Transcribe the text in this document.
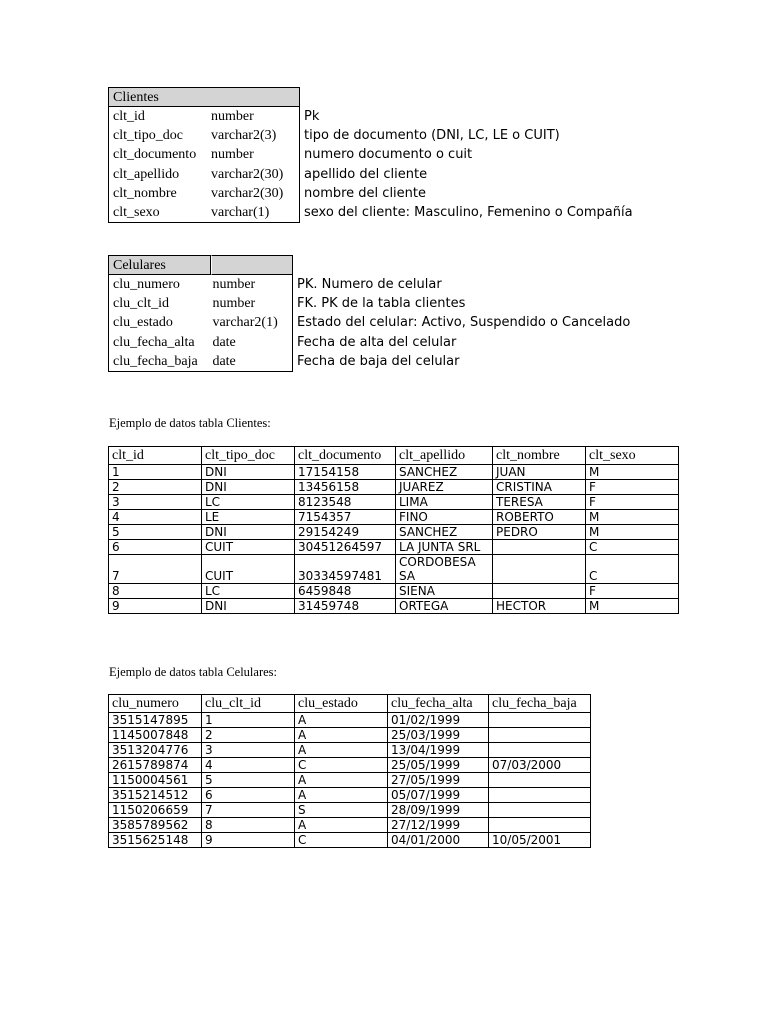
Clientes
clt_id	number	Pk
clt_tipo_doc	varchar2(3)	tipo de documento (DNI, LC, LE o CUIT)
clt_documento	number	numero documento o cuit
clt_apellido	varchar2(30)	apellido del cliente
clt_nombre	varchar2(30)	nombre del cliente
clt_sexo	varchar(1)	sexo del cliente: Masculino, Femenino o Compañía
Celulares
clu_numero	number	PK. Numero de celular
clu_clt_id	number	FK. PK de la tabla clientes
clu_estado	varchar2(1)	Estado del celular: Activo, Suspendido o Cancelado
clu_fecha_alta	date	Fecha de alta del celular
clu_fecha_baja	date	Fecha de baja del celular
Ejemplo de datos tabla Clientes:
clt_id	clt_tipo_doc	clt_documento	clt_apellido	clt_nombre	clt_sexo
1	DNI	17154158	SANCHEZ	JUAN	M
2	DNI	13456158	JUAREZ	CRISTINA	F
3	LC	8123548	LIMA	TERESA	F
4	LE	7154357	FINO	ROBERTO	M
5	DNI	29154249	SANCHEZ	PEDRO	M
6	CUIT	30451264597	LA JUNTA SRL		C
7	CUIT	30334597481	CORDOBESA SA		C
8	LC	6459848	SIENA		F
9	DNI	31459748	ORTEGA	HECTOR	M
Ejemplo de datos tabla Celulares:
clu_numero	clu_clt_id	clu_estado	clu_fecha_alta	clu_fecha_baja
3515147895	1	A	01/02/1999	
1145007848	2	A	25/03/1999	
3513204776	3	A	13/04/1999	
2615789874	4	C	25/05/1999	07/03/2000
1150004561	5	A	27/05/1999	
3515214512	6	A	05/07/1999	
1150206659	7	S	28/09/1999	
3585789562	8	A	27/12/1999	
3515625148	9	C	04/01/2000	10/05/2001
